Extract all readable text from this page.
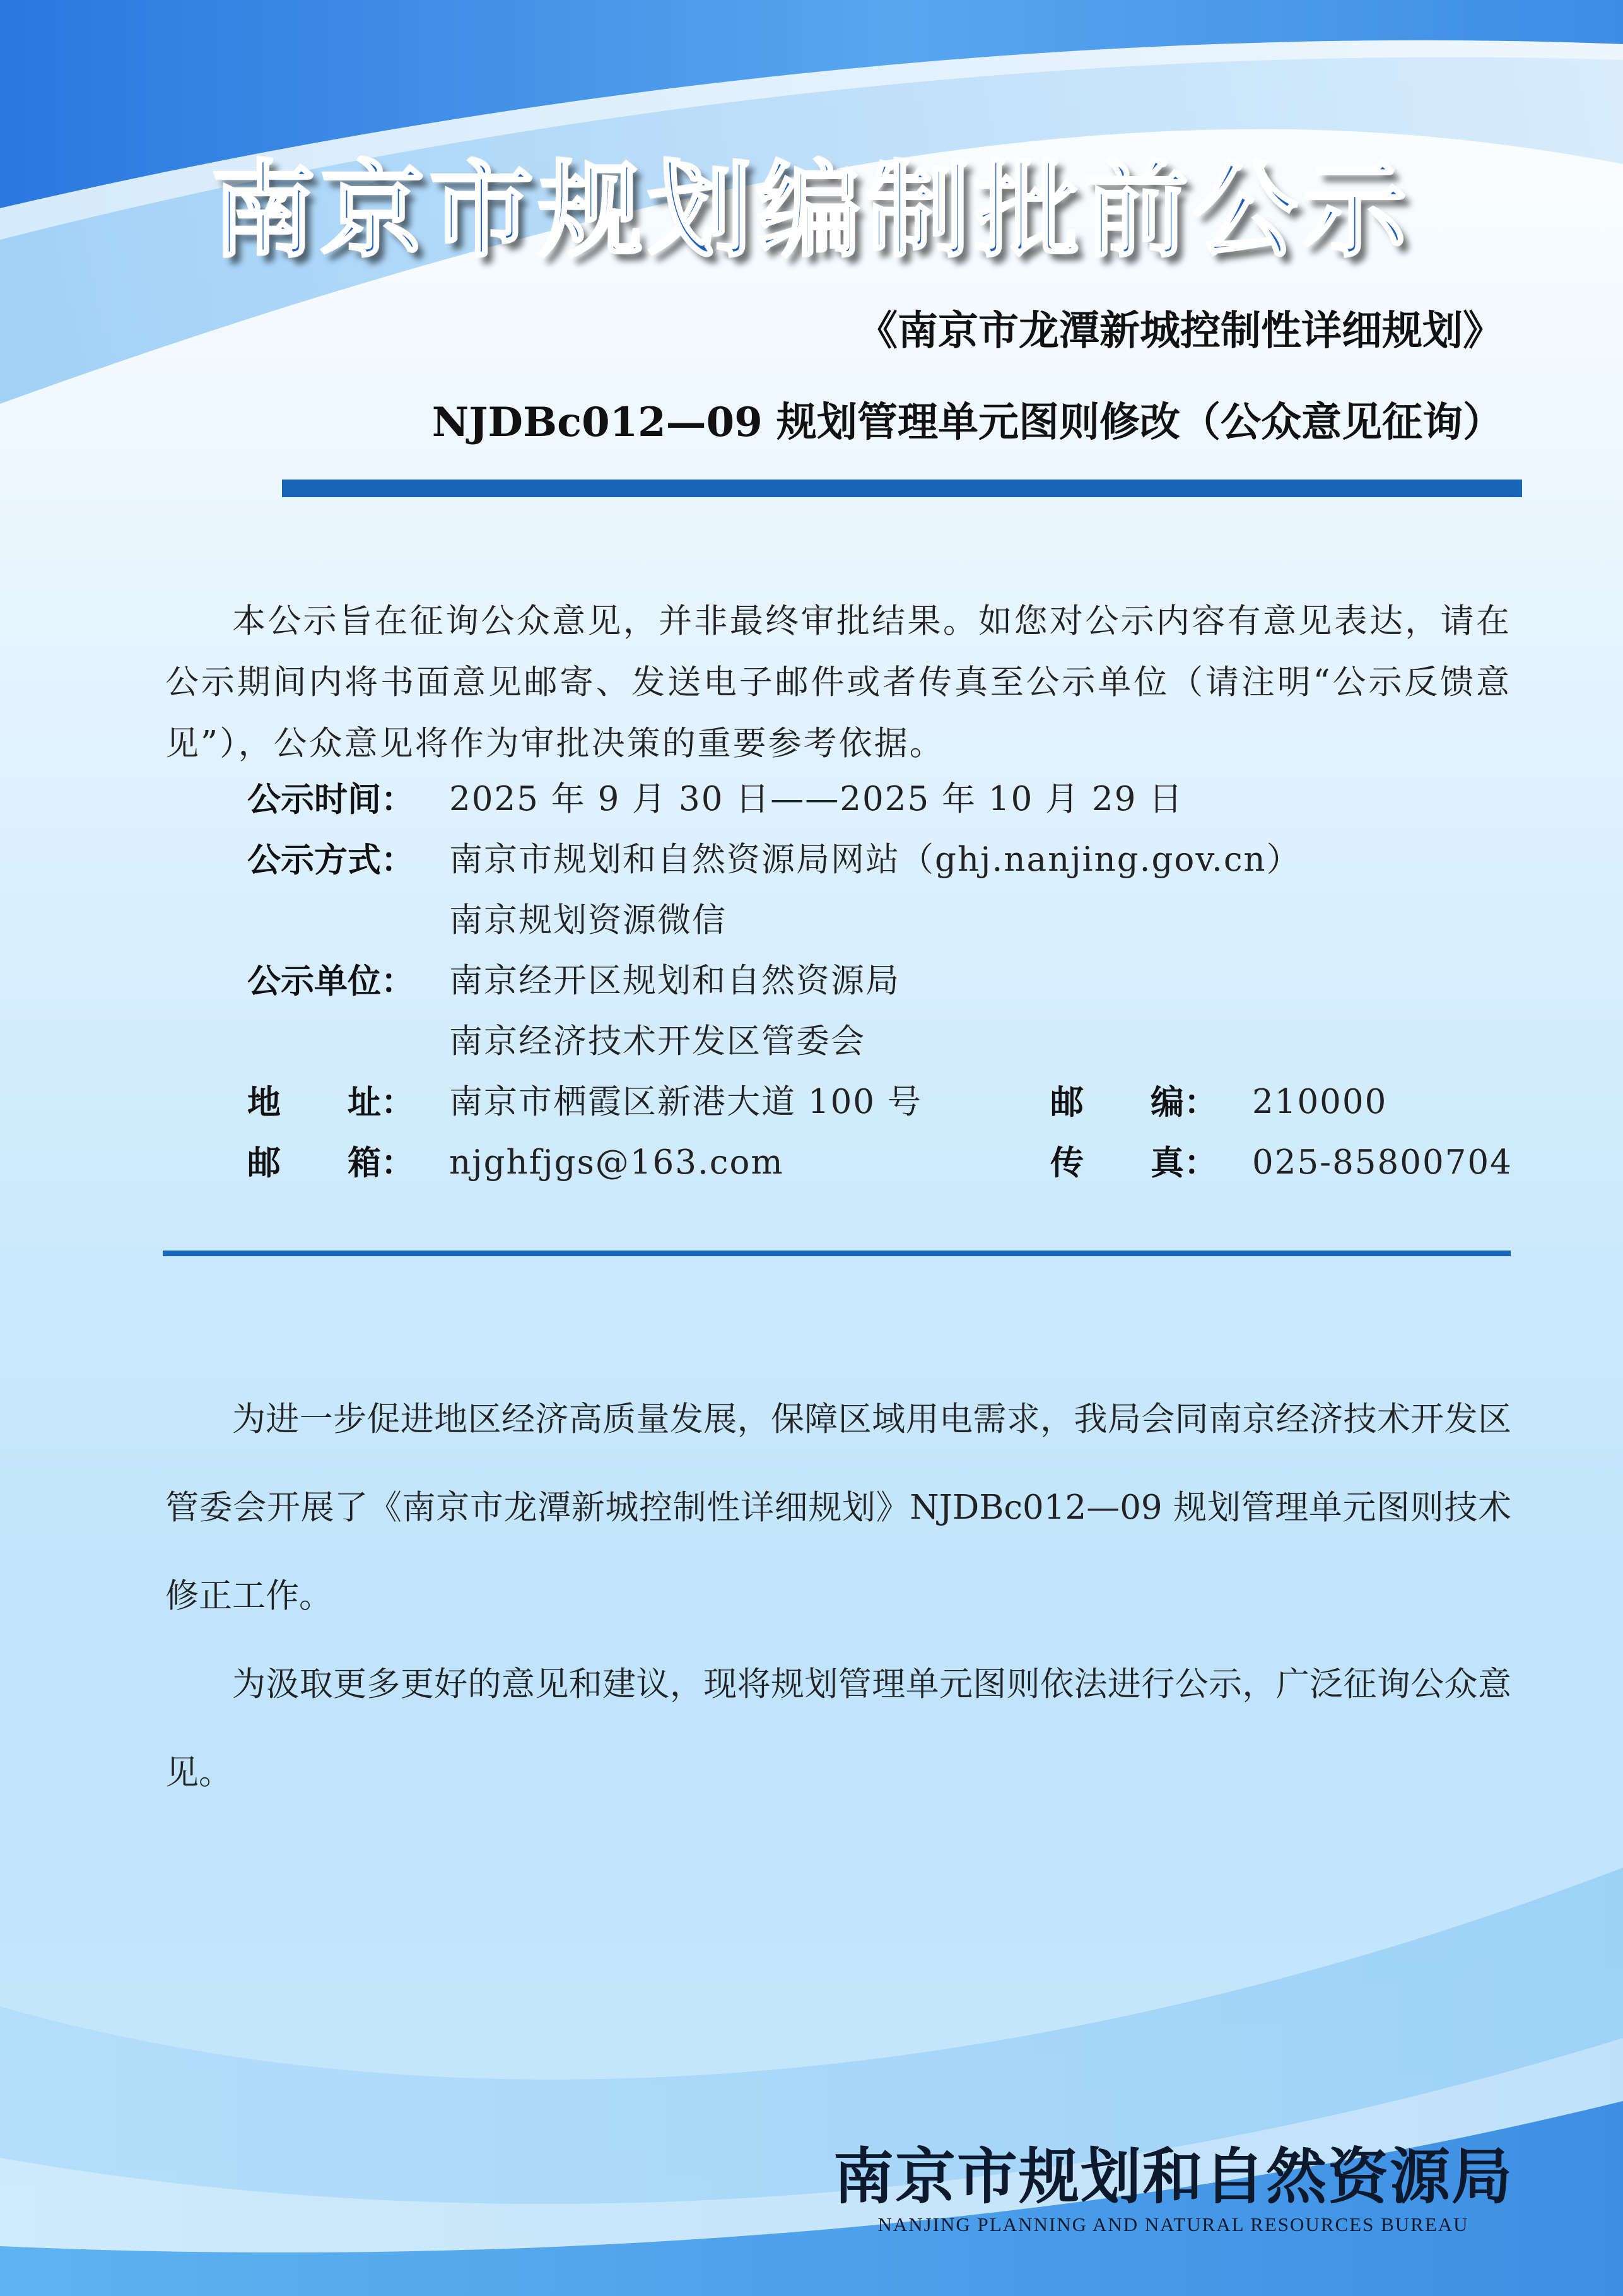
南京市规划编制批前公示
《南京市龙潭新城控制性详细规划》
NJDBc012—09 规划管理单元图则修改（公众意见征询）

本公示旨在征询公众意见，并非最终审批结果。如您对公示内容有意见表达，请在公示期间内将书面意见邮寄、发送电子邮件或者传真至公示单位（请注明“公示反馈意见”），公众意见将作为审批决策的重要参考依据。

公示时间： 2025 年 9 月 30 日——2025 年 10 月 29 日
公示方式： 南京市规划和自然资源局网站（ghj.nanjing.gov.cn）
南京规划资源微信
公示单位： 南京经开区规划和自然资源局
南京经济技术开发区管委会
地　　址： 南京市栖霞区新港大道 100 号	邮　　编： 210000
邮　　箱： njghfjgs@163.com	传　　真： 025-85800704

为进一步促进地区经济高质量发展，保障区域用电需求，我局会同南京经济技术开发区管委会开展了《南京市龙潭新城控制性详细规划》NJDBc012—09 规划管理单元图则技术修正工作。

为汲取更多更好的意见和建议，现将规划管理单元图则依法进行公示，广泛征询公众意见。

南京市规划和自然资源局
NANJING PLANNING AND NATURAL RESOURCES BUREAU
